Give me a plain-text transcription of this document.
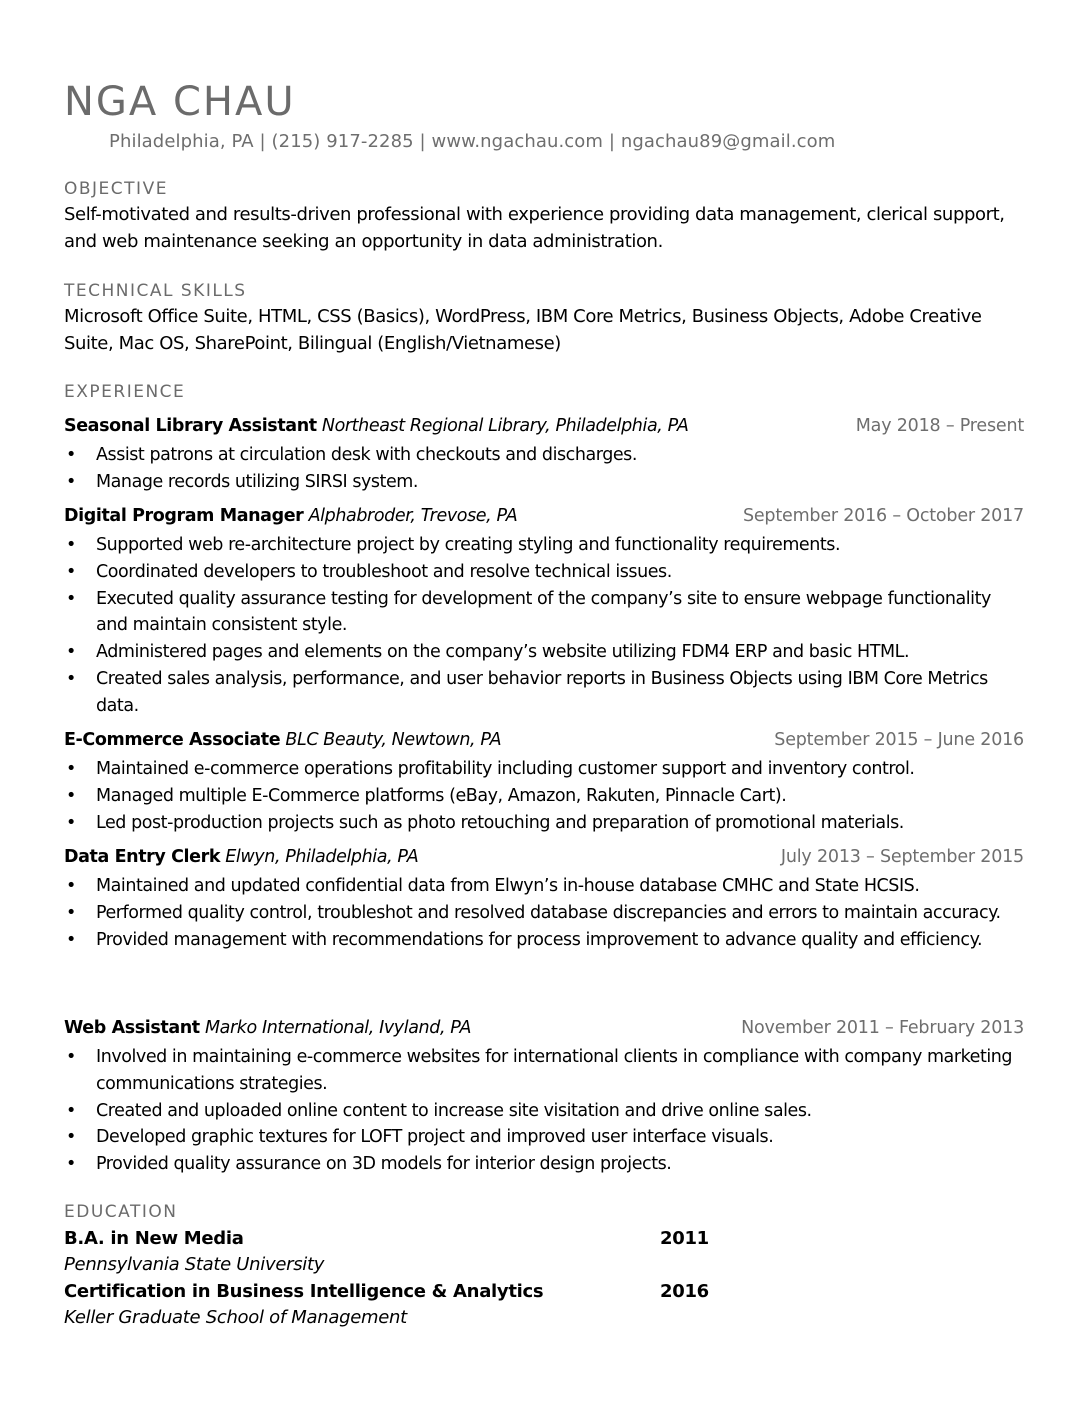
NGA CHAU
Philadelphia, PA | (215) 917-2285 | www.ngachau.com | ngachau89@gmail.com
OBJECTIVE
Self-motivated and results-driven professional with experience providing data management, clerical support, and web maintenance seeking an opportunity in data administration.
TECHNICAL SKILLS
Microsoft Office Suite, HTML, CSS (Basics), WordPress, IBM Core Metrics, Business Objects, Adobe Creative Suite, Mac OS, SharePoint, Bilingual (English/Vietnamese)
EXPERIENCE
Seasonal Library Assistant Northeast Regional Library, Philadelphia, PA	May 2018 – Present
• Assist patrons at circulation desk with checkouts and discharges.
• Manage records utilizing SIRSI system.
Digital Program Manager Alphabroder, Trevose, PA	September 2016 – October 2017
• Supported web re-architecture project by creating styling and functionality requirements.
• Coordinated developers to troubleshoot and resolve technical issues.
• Executed quality assurance testing for development of the company’s site to ensure webpage functionality and maintain consistent style.
• Administered pages and elements on the company’s website utilizing FDM4 ERP and basic HTML.
• Created sales analysis, performance, and user behavior reports in Business Objects using IBM Core Metrics data.
E-Commerce Associate BLC Beauty, Newtown, PA	September 2015 – June 2016
• Maintained e-commerce operations profitability including customer support and inventory control.
• Managed multiple E-Commerce platforms (eBay, Amazon, Rakuten, Pinnacle Cart).
• Led post-production projects such as photo retouching and preparation of promotional materials.
Data Entry Clerk Elwyn, Philadelphia, PA	July 2013 – September 2015
• Maintained and updated confidential data from Elwyn’s in-house database CMHC and State HCSIS.
• Performed quality control, troubleshot and resolved database discrepancies and errors to maintain accuracy.
• Provided management with recommendations for process improvement to advance quality and efficiency.
Web Assistant Marko International, Ivyland, PA	November 2011 – February 2013
• Involved in maintaining e-commerce websites for international clients in compliance with company marketing communications strategies.
• Created and uploaded online content to increase site visitation and drive online sales.
• Developed graphic textures for LOFT project and improved user interface visuals.
• Provided quality assurance on 3D models for interior design projects.
EDUCATION
B.A. in New Media	2011
Pennsylvania State University
Certification in Business Intelligence & Analytics	2016
Keller Graduate School of Management
